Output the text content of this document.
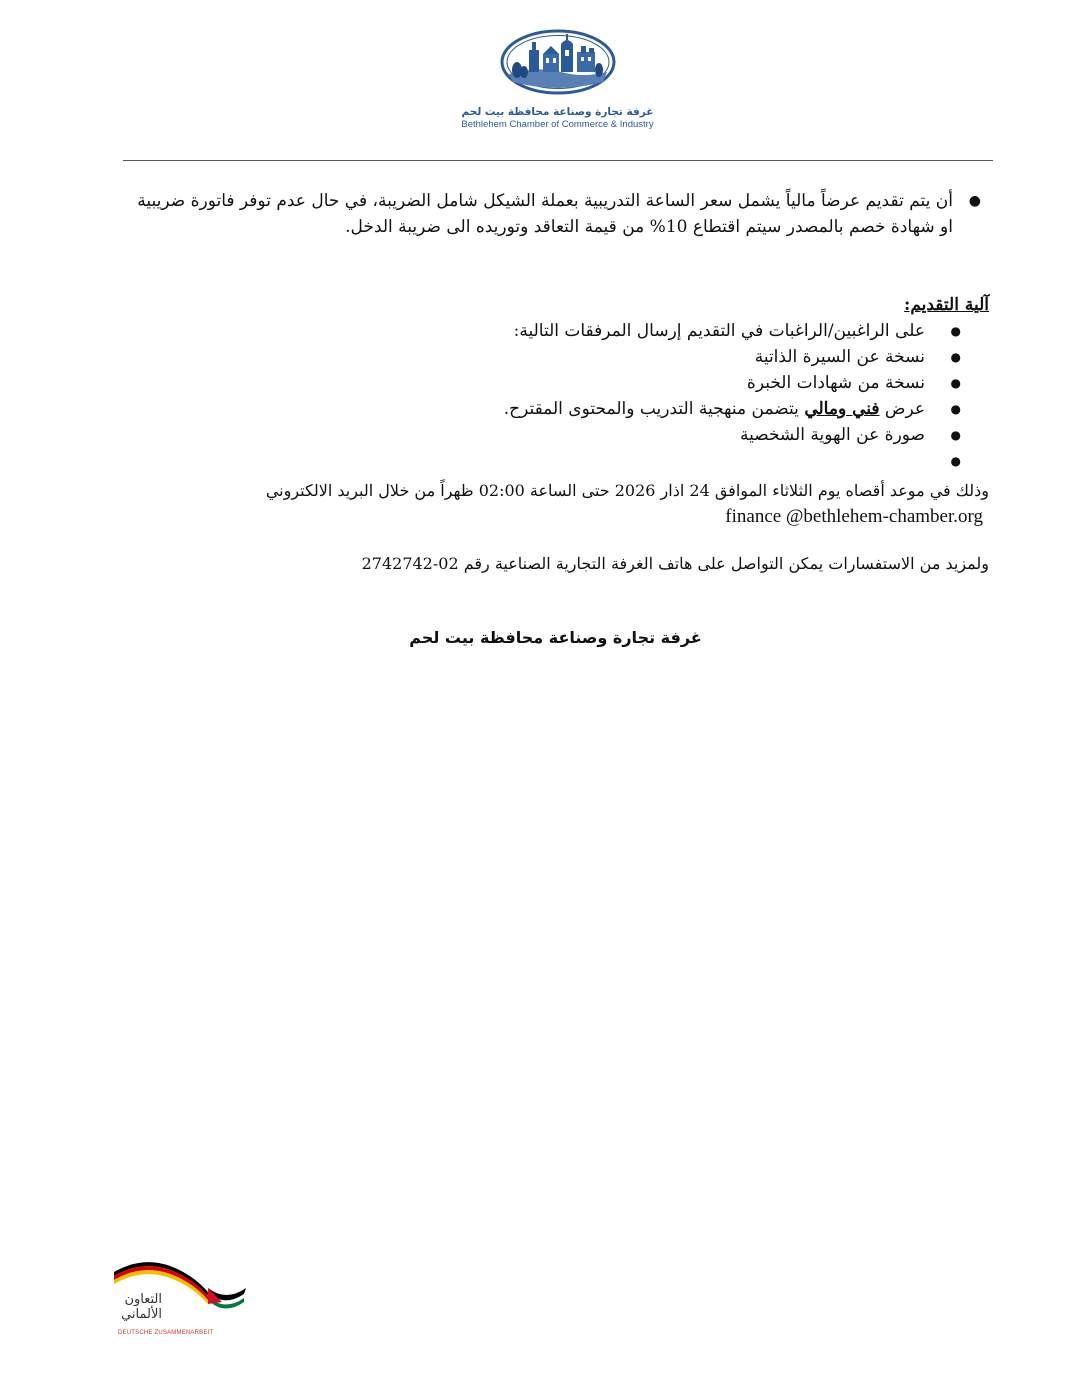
غرفة تجارة وصناعة محافظة بيت لحم
Bethlehem Chamber of Commerce & Industry
●
أن يتم تقديم عرضاً مالياً يشمل سعر الساعة التدريبية بعملة الشيكل شامل الضريبة، في حال عدم توفر فاتورة ضريبية او شهادة خصم بالمصدر سيتم اقتطاع 10% من قيمة التعاقد وتوريده الى ضريبة الدخل.
آلية التقديم:
●
على الراغبين/الراغبات في التقديم إرسال المرفقات التالية:
●
نسخة عن السيرة الذاتية
●
نسخة من شهادات الخبرة
●
عرض فني ومالي يتضمن منهجية التدريب والمحتوى المقترح.
●
صورة عن الهوية الشخصية
●
وذلك في موعد أقصاه يوم الثلاثاء الموافق 24 اذار 2026 حتى الساعة 02:00 ظهراً من خلال البريد الالكتروني
finance @bethlehem-chamber.org
ولمزيد من الاستفسارات يمكن التواصل على هاتف الغرفة التجارية الصناعية رقم 02-2742742
غرفة تجارة وصناعة محافظة بيت لحم
التعاون الألماني
DEUTSCHE ZUSAMMENARBEIT
